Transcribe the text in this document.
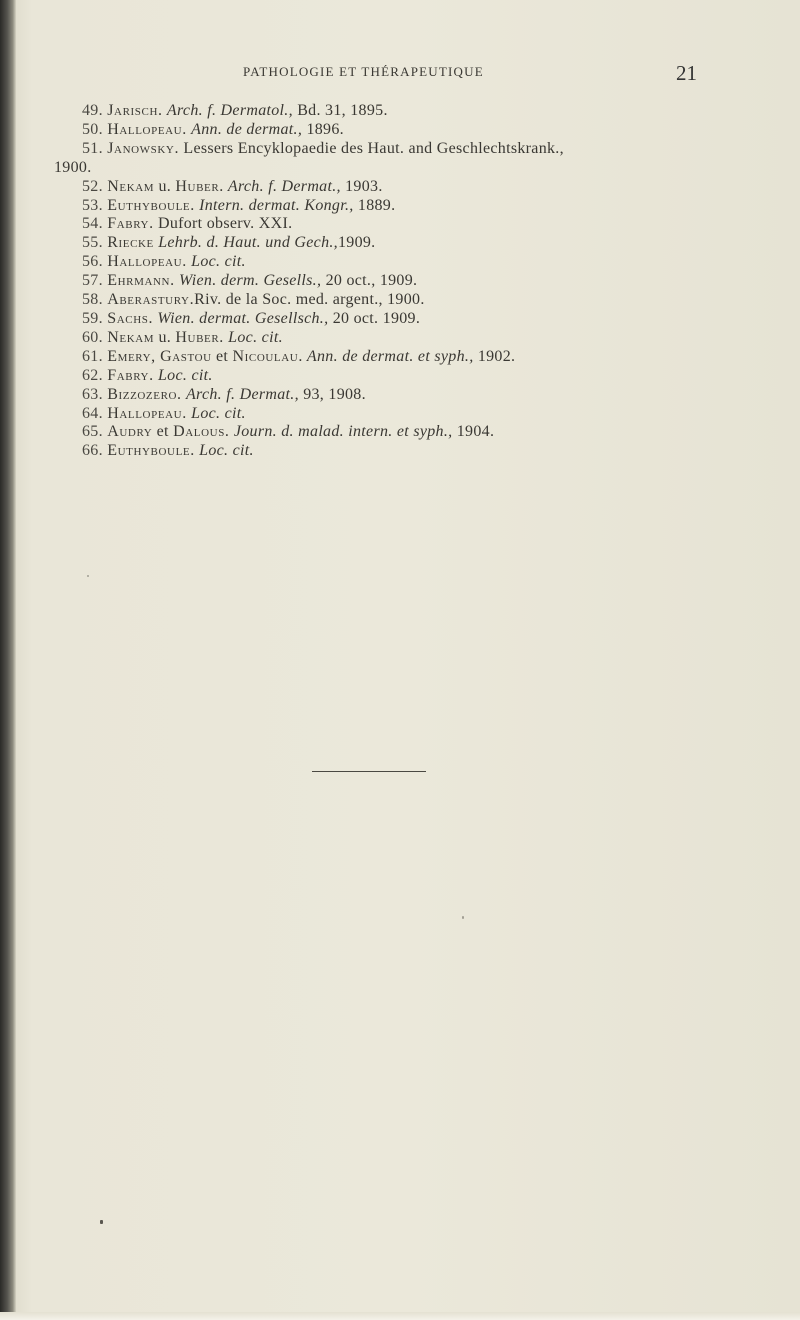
PATHOLOGIE ET THÉRAPEUTIQUE	21
49. Jarisch. Arch. f. Dermatol., Bd. 31, 1895.
50. Hallopeau. Ann. de dermat., 1896.
51. Janowsky. Lessers Encyklopaedie des Haut. and Geschlechtskrank.,
1900.
52. Nekam u. Huber. Arch. f. Dermat., 1903.
53. Euthyboule. Intern. dermat. Kongr., 1889.
54. Fabry. Dufort observ. XXI.
55. Riecke Lehrb. d. Haut. und Gech.,1909.
56. Hallopeau. Loc. cit.
57. Ehrmann. Wien. derm. Gesells., 20 oct., 1909.
58. Aberastury.Riv. de la Soc. med. argent., 1900.
59. Sachs. Wien. dermat. Gesellsch., 20 oct. 1909.
60. Nekam u. Huber. Loc. cit.
61. Emery, Gastou et Nicoulau. Ann. de dermat. et syph., 1902.
62. Fabry. Loc. cit.
63. Bizzozero. Arch. f. Dermat., 93, 1908.
64. Hallopeau. Loc. cit.
65. Audry et Dalous. Journ. d. malad. intern. et syph., 1904.
66. Euthyboule. Loc. cit.
